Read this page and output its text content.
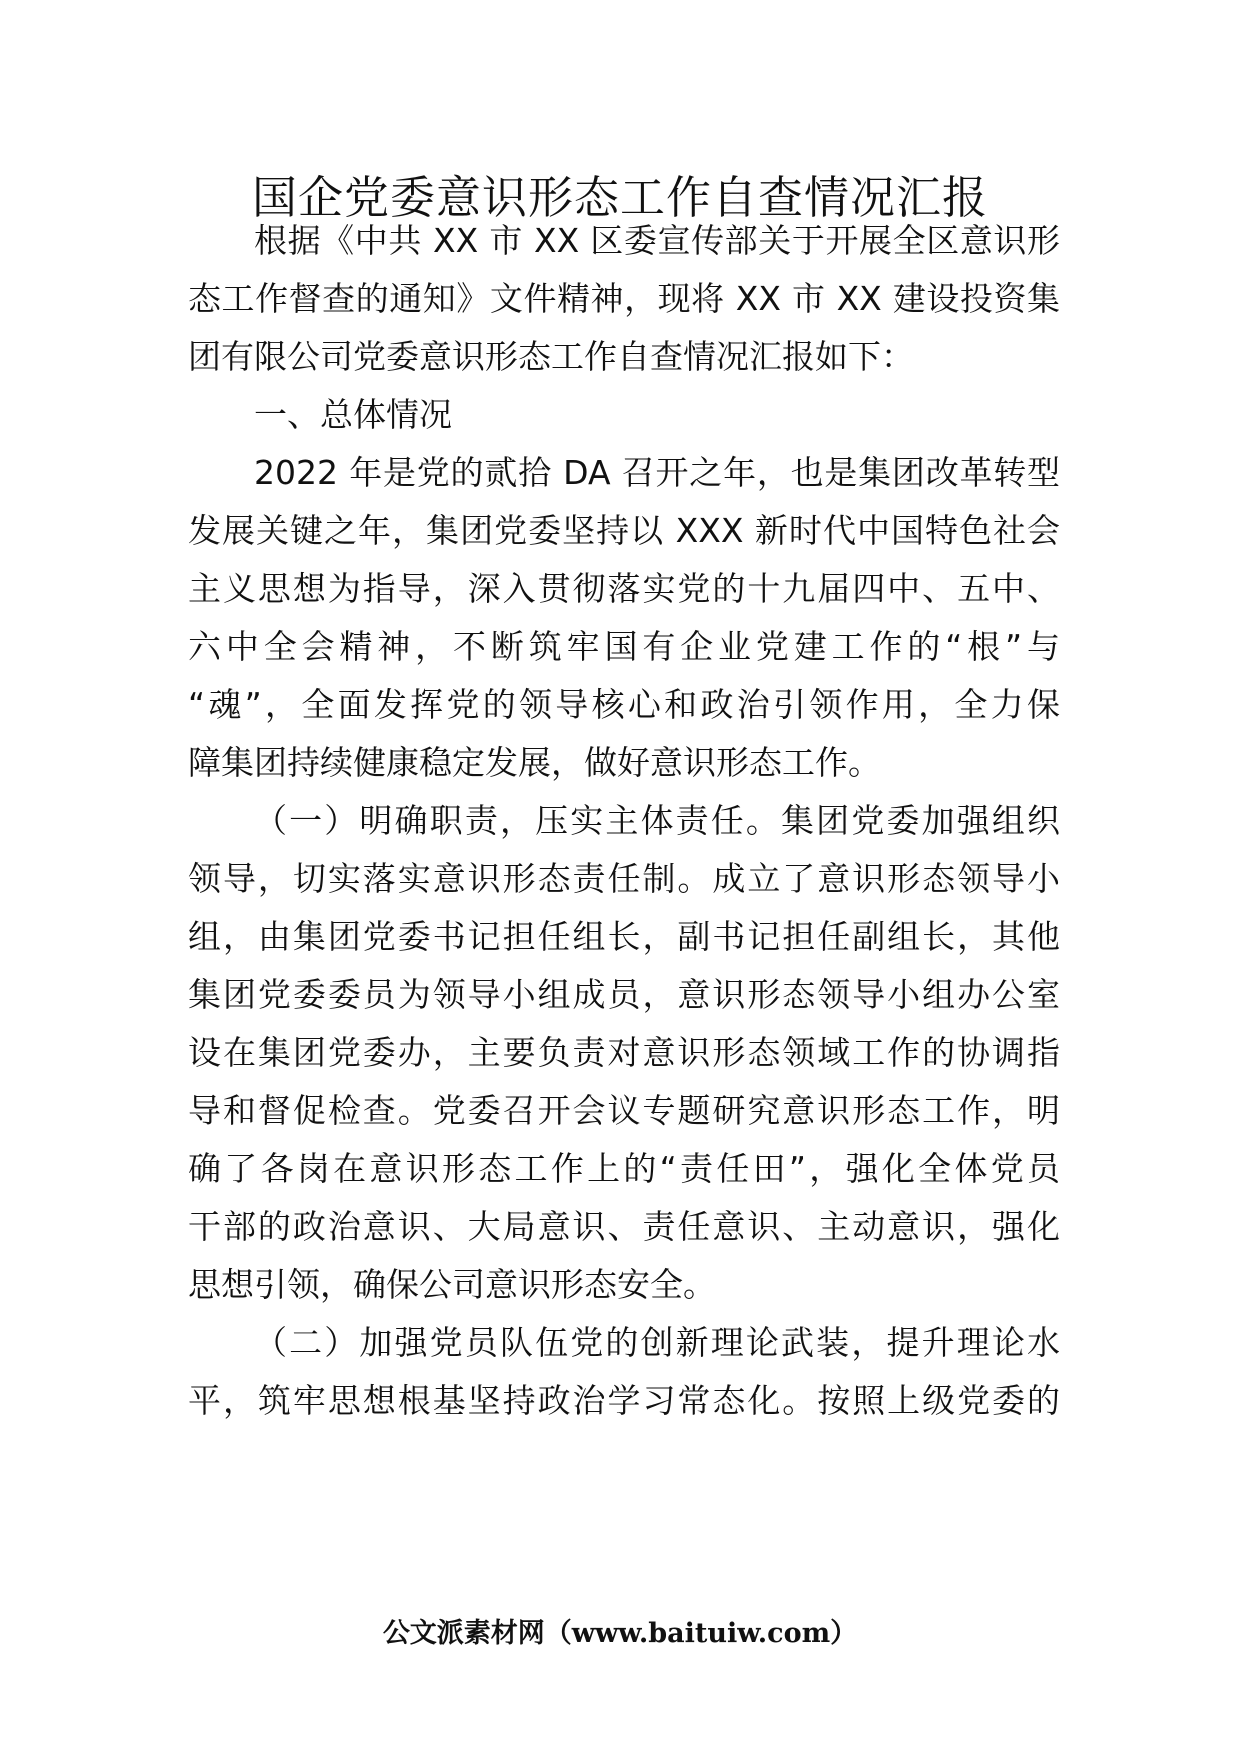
国企党委意识形态工作自查情况汇报
根据《中共 XX 市 XX 区委宣传部关于开展全区意识形
态工作督查的通知》文件精神，现将 XX 市 XX 建设投资集
团有限公司党委意识形态工作自查情况汇报如下：
一、总体情况
2022 年是党的贰拾 DA 召开之年，也是集团改革转型
发展关键之年，集团党委坚持以 XXX 新时代中国特色社会
主义思想为指导，深入贯彻落实党的十九届四中、五中、
六中全会精神，不断筑牢国有企业党建工作的“根”与
“魂”，全面发挥党的领导核心和政治引领作用，全力保
障集团持续健康稳定发展，做好意识形态工作。
（一）明确职责，压实主体责任。集团党委加强组织
领导，切实落实意识形态责任制。成立了意识形态领导小
组，由集团党委书记担任组长，副书记担任副组长，其他
集团党委委员为领导小组成员，意识形态领导小组办公室
设在集团党委办，主要负责对意识形态领域工作的协调指
导和督促检查。党委召开会议专题研究意识形态工作，明
确了各岗在意识形态工作上的“责任田”，强化全体党员
干部的政治意识、大局意识、责任意识、主动意识，强化
思想引领，确保公司意识形态安全。
（二）加强党员队伍党的创新理论武装，提升理论水
平，筑牢思想根基坚持政治学习常态化。按照上级党委的
公文派素材网（www.baituiw.com）
